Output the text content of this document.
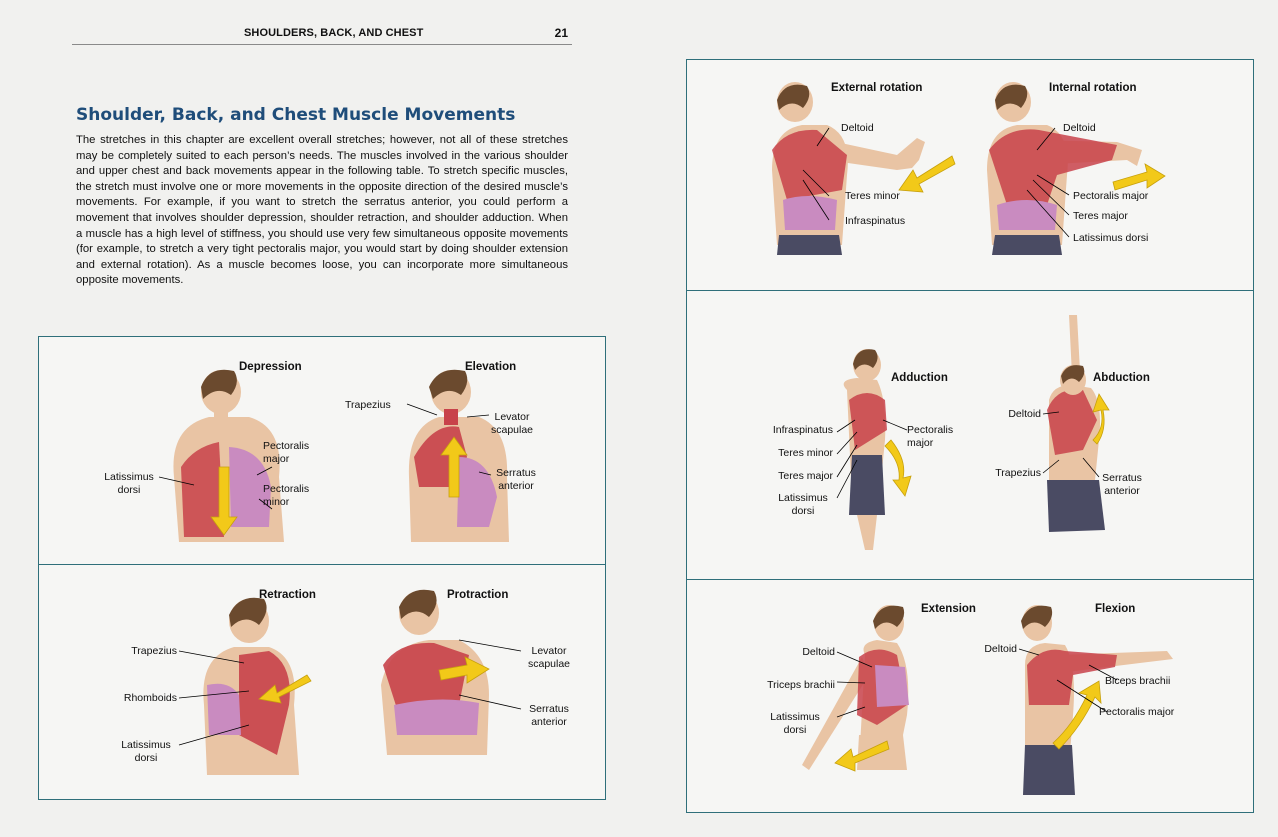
SHOULDERS, BACK, AND CHEST	21
Shoulder, Back, and Chest Muscle Movements
The stretches in this chapter are excellent overall stretches; however, not all of these stretches may be completely suited to each person’s needs. The muscles involved in the various shoulder and upper chest and back movements appear in the following table. To stretch specific muscles, the stretch must involve one or more movements in the opposite direction of the desired muscle’s movements. For example, if you want to stretch the serratus anterior, you could perform a movement that involves shoulder depression, shoulder retraction, and shoulder adduction. When a muscle has a high level of stiffness, you should use very few simultaneous opposite movements (for example, to stretch a very tight pectoralis major, you would start by doing shoulder extension and external rotation). As a muscle becomes loose, you can incorporate more simultaneous opposite movements.
Depression
Pectoralis
major
Latissimus
dorsi	Pectoralis
minor
Elevation
Trapezius
Levator
scapulae
Serratus
anterior
Retraction
Trapezius
Rhomboids
Latissimus
dorsi
Protraction
Levator
scapulae
Serratus
anterior
External rotation
Deltoid
Teres minor
Infraspinatus
Internal rotation
Deltoid
Pectoralis major
Teres major
Latissimus dorsi
Adduction
Infraspinatus	Pectoralis
major
Teres minor
Teres major
Latissimus
dorsi
Abduction
Deltoid
Trapezius	Serratus
anterior
Extension
Deltoid
Triceps brachii
Latissimus
dorsi
Flexion
Deltoid
Biceps brachii
Pectoralis major
